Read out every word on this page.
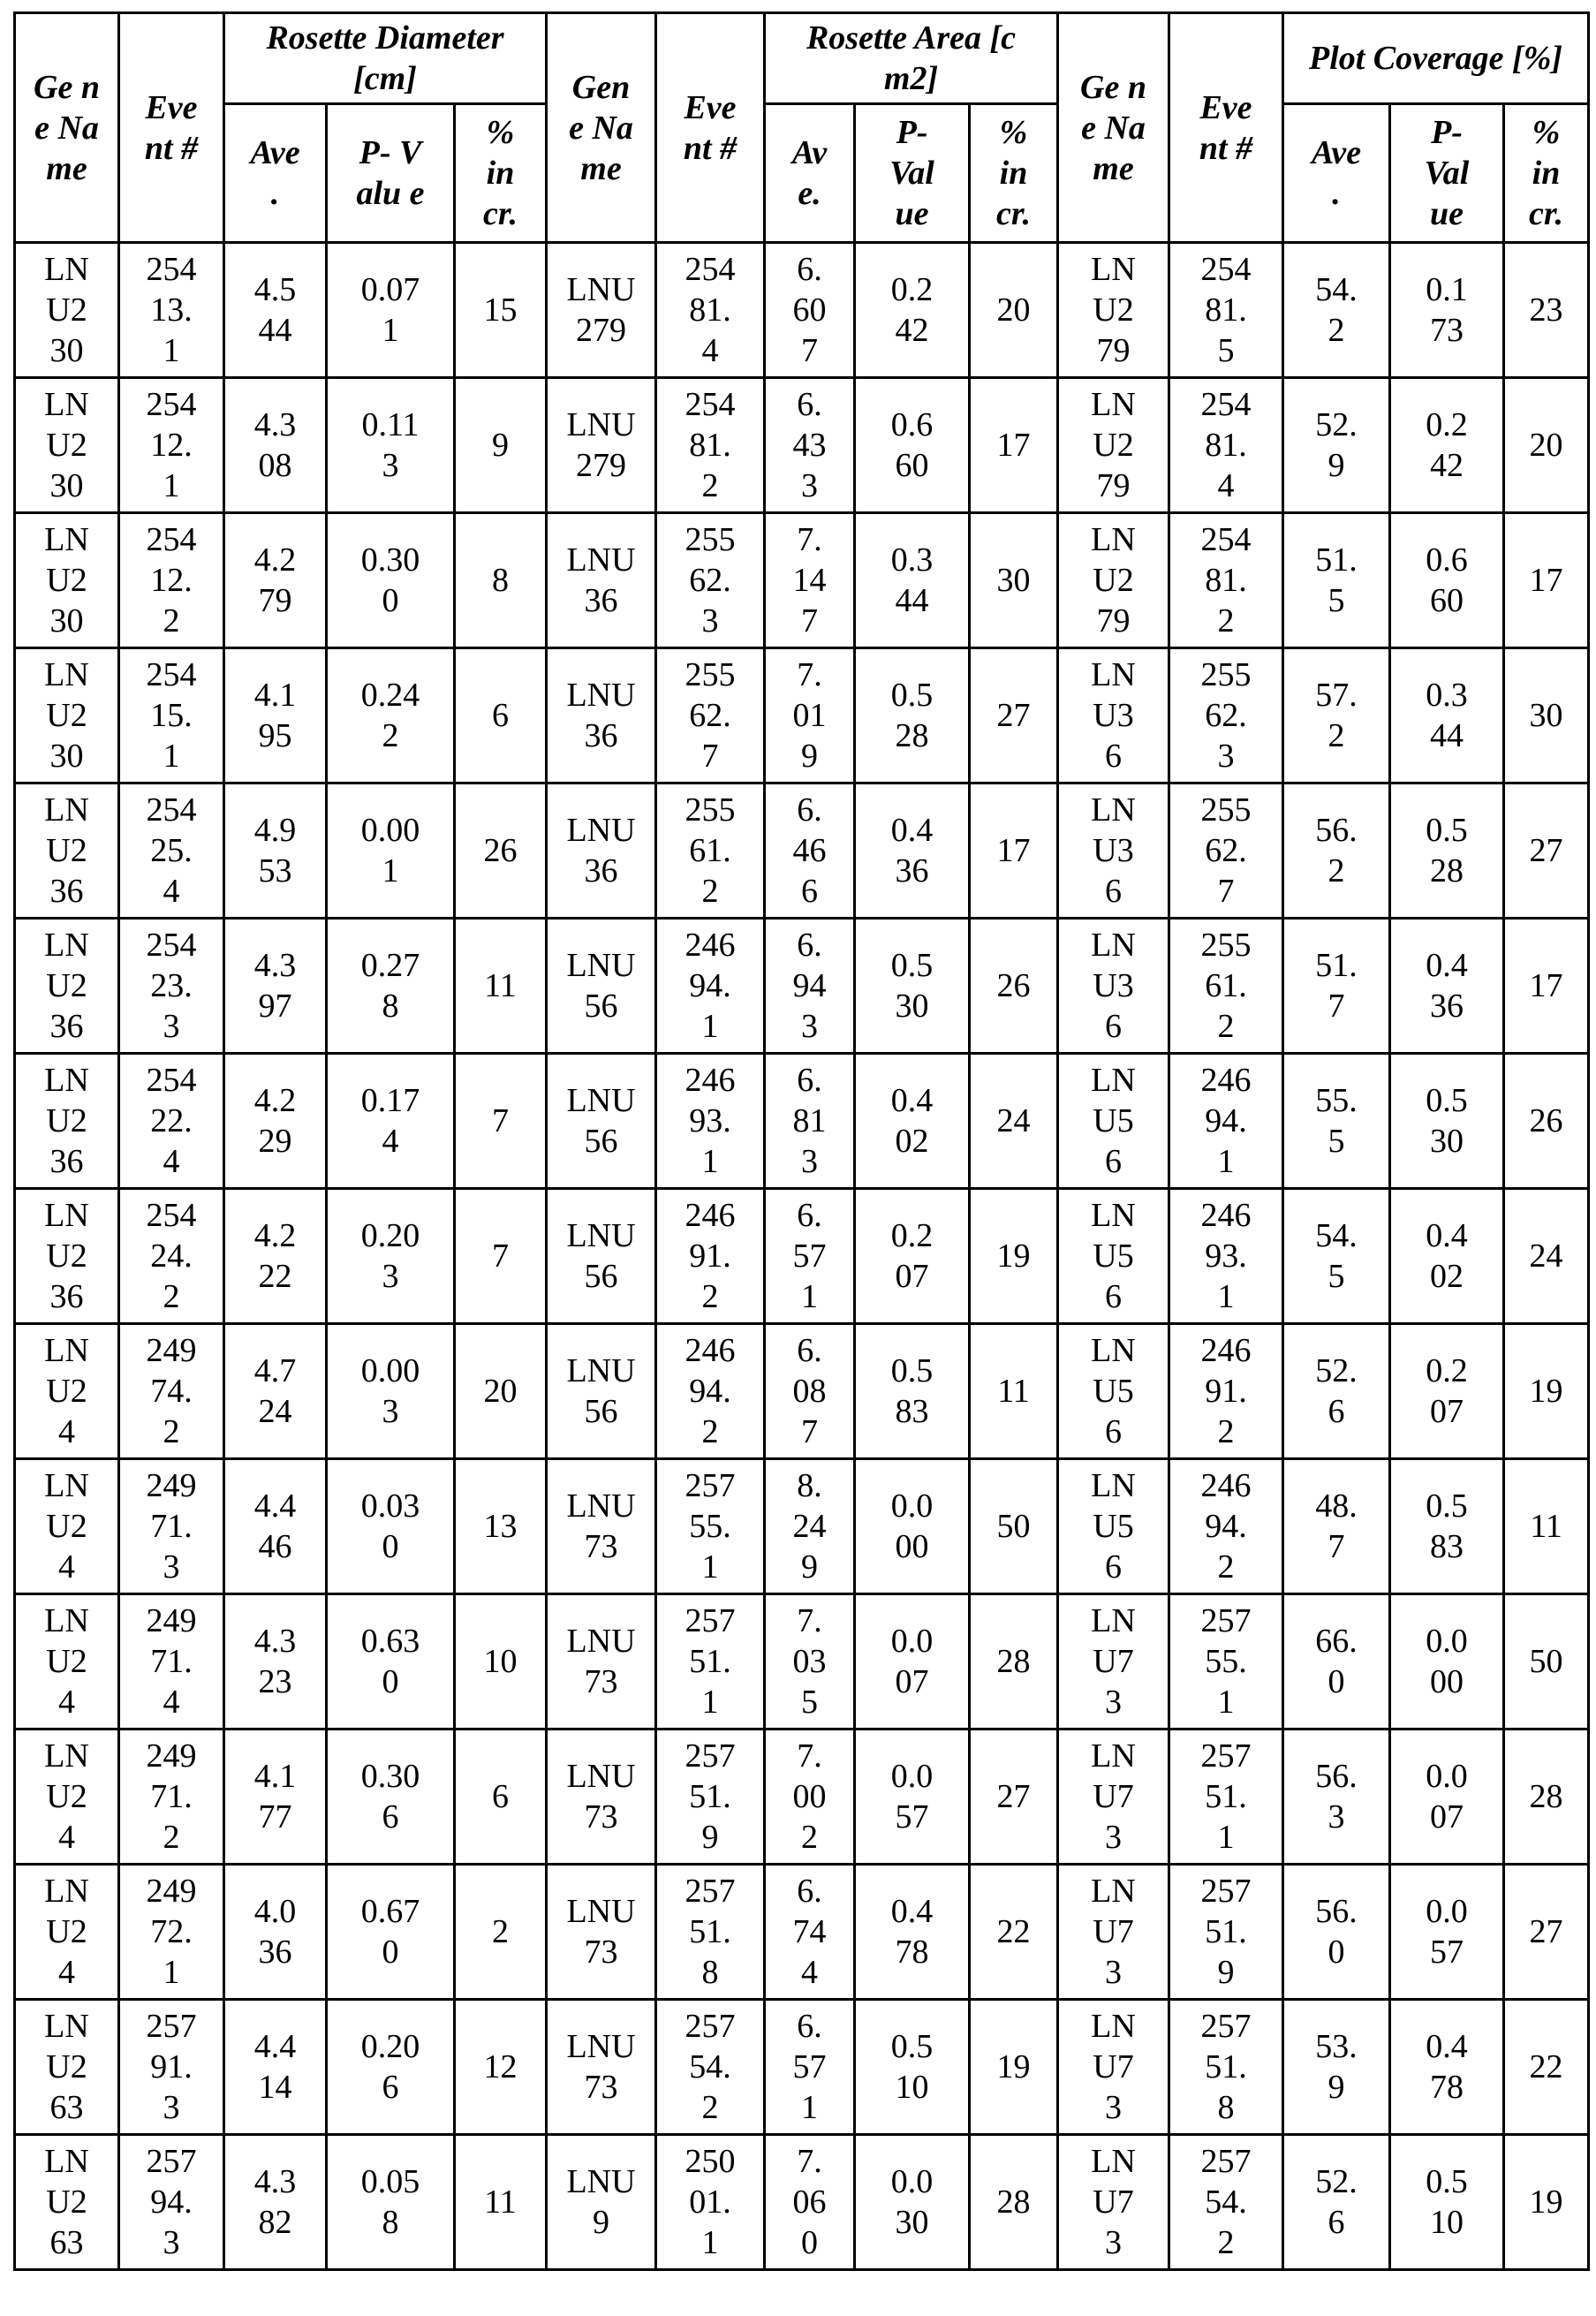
Ge ne Na me	Eve nt #	Rosette Diameter [cm]			Gen e Na me	Eve nt #	Rosette Area [cm2]			Ge ne Na me	Eve nt #	Plot Coverage [%]		
		Ave .	P- Valu e	% in cr.			Av e.	P- Val ue	% in cr.			Ave .	P- Val ue	% in cr.
LNU230	25413.1	4.544	0.071	15	LNU279	25481.4	6.607	0.242	20	LNU279	25481.5	54.2	0.173	23
LNU230	25412.1	4.308	0.113	9	LNU279	25481.2	6.433	0.660	17	LNU279	25481.4	52.9	0.242	20
LNU230	25412.2	4.279	0.300	8	LNU36	25562.3	7.147	0.344	30	LNU279	25481.2	51.5	0.660	17
LNU230	25415.1	4.195	0.242	6	LNU36	25562.7	7.019	0.528	27	LNU36	25562.3	57.2	0.344	30
LNU236	25425.4	4.953	0.001	26	LNU36	25561.2	6.466	0.436	17	LNU36	25562.7	56.2	0.528	27
LNU236	25423.3	4.397	0.278	11	LNU56	24694.1	6.943	0.530	26	LNU36	25561.2	51.7	0.436	17
LNU236	25422.4	4.229	0.174	7	LNU56	24693.1	6.813	0.402	24	LNU56	24694.1	55.5	0.530	26
LNU236	25424.2	4.222	0.203	7	LNU56	24691.2	6.571	0.207	19	LNU56	24693.1	54.5	0.402	24
LNU24	24974.2	4.724	0.003	20	LNU56	24694.2	6.087	0.583	11	LNU56	24691.2	52.6	0.207	19
LNU24	24971.3	4.446	0.030	13	LNU73	25755.1	8.249	0.000	50	LNU56	24694.2	48.7	0.583	11
LNU24	24971.4	4.323	0.630	10	LNU73	25751.1	7.035	0.007	28	LNU73	25755.1	66.0	0.000	50
LNU24	24971.2	4.177	0.306	6	LNU73	25751.9	7.002	0.057	27	LNU73	25751.1	56.3	0.007	28
LNU24	24972.1	4.036	0.670	2	LNU73	25751.8	6.744	0.478	22	LNU73	25751.9	56.0	0.057	27
LNU263	25791.3	4.414	0.206	12	LNU73	25754.2	6.571	0.510	19	LNU73	25751.8	53.9	0.478	22
LNU263	25794.3	4.382	0.058	11	LNU9	25001.1	7.060	0.030	28	LNU73	25754.2	52.6	0.510	19
